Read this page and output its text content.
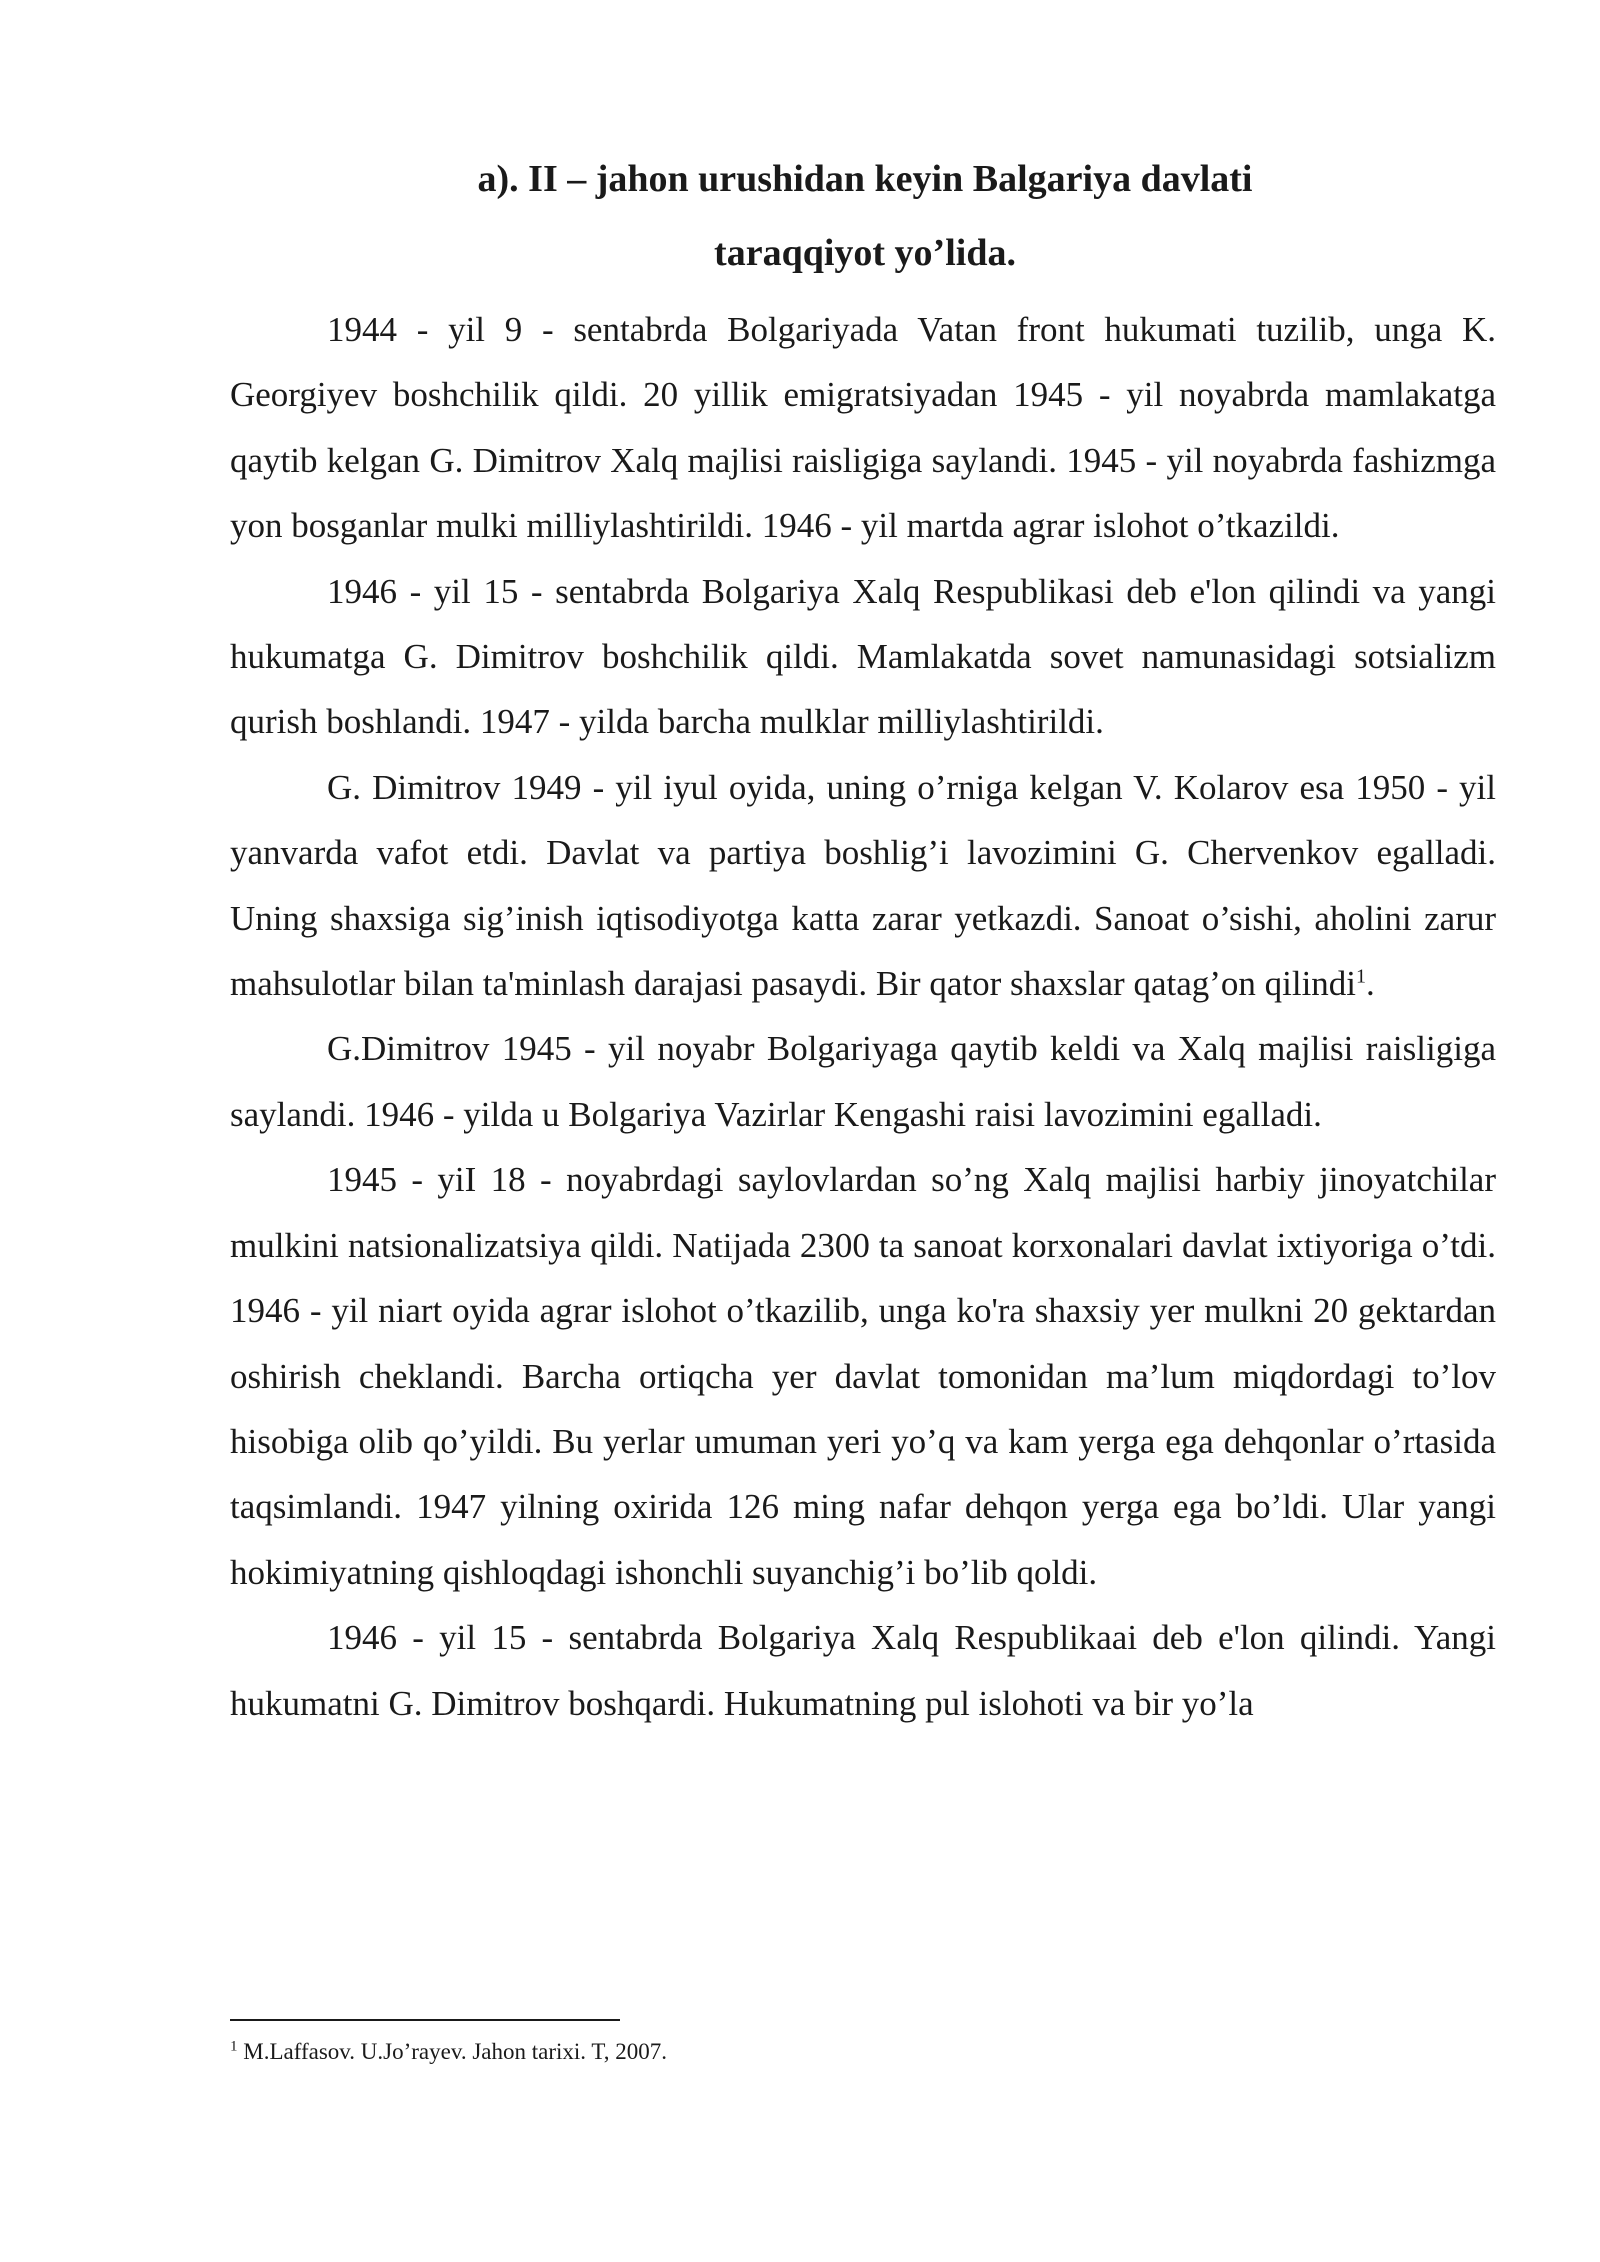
a). II – jahon urushidan keyin Balgariya davlati
taraqqiyot yo’lida.

1944 - yil 9 - sentabrda Bolgariyada Vatan front hukumati tuzilib, unga K. Georgiyev boshchilik qildi. 20 yillik emigratsiyadan 1945 - yil noyabrda mamlakatga qaytib kelgan G. Dimitrov Xalq majlisi raisligiga saylandi. 1945 - yil noyabrda fashizmga yon bosganlar mulki milliylashtirildi. 1946 - yil martda agrar islohot o’tkazildi.

1946 - yil 15 - sentabrda Bolgariya Xalq Respublikasi deb e'lon qilindi va yangi hukumatga G. Dimitrov boshchilik qildi. Mamlakatda sovet namunasidagi sotsializm qurish boshlandi. 1947 - yilda barcha mulklar milliylashtirildi.

G. Dimitrov 1949 - yil iyul oyida, uning o’rniga kelgan V. Kolarov esa 1950 - yil yanvarda vafot etdi. Davlat va partiya boshlig’i lavozimini G. Chervenkov egalladi. Uning shaxsiga sig’inish iqtisodiyotga katta zarar yetkazdi. Sanoat o’sishi, aholini zarur mahsulotlar bilan ta'minlash darajasi pasaydi. Bir qator shaxslar qatag’on qilindi$^1$.

G.Dimitrov 1945 - yil noyabr Bolgariyaga qaytib keldi va Xalq majlisi raisligiga saylandi. 1946 - yilda u Bolgariya Vazirlar Kengashi raisi lavozimini egalladi.

1945 - yiI 18 - noyabrdagi saylovlardan so’ng Xalq majlisi harbiy jinoyatchilar mulkini natsionalizatsiya qildi. Natijada 2300 ta sanoat korxonalari davlat ixtiyoriga o’tdi. 1946 - yil niart oyida agrar islohot o’tkazilib, unga ko'ra shaxsiy yer mulkni 20 gektardan oshirish cheklandi. Barcha ortiqcha yer davlat tomonidan ma’lum miqdordagi to’lov hisobiga olib qo’yildi. Bu yerlar umuman yeri yo’q va kam yerga ega dehqonlar o’rtasida taqsimlandi. 1947 yilning oxirida 126 ming nafar dehqon yerga ega bo’ldi. Ular yangi hokimiyatning qishloqdagi ishonchli suyanchig’i bo’lib qoldi.

1946 - yil 15 - sentabrda Bolgariya Xalq Respublikaai deb e'lon qilindi. Yangi hukumatni G. Dimitrov boshqardi. Hukumatning pul islohoti va bir yo’la

$^1$ M.Laffasov. U.Jo’rayev. Jahon tarixi. T, 2007.
